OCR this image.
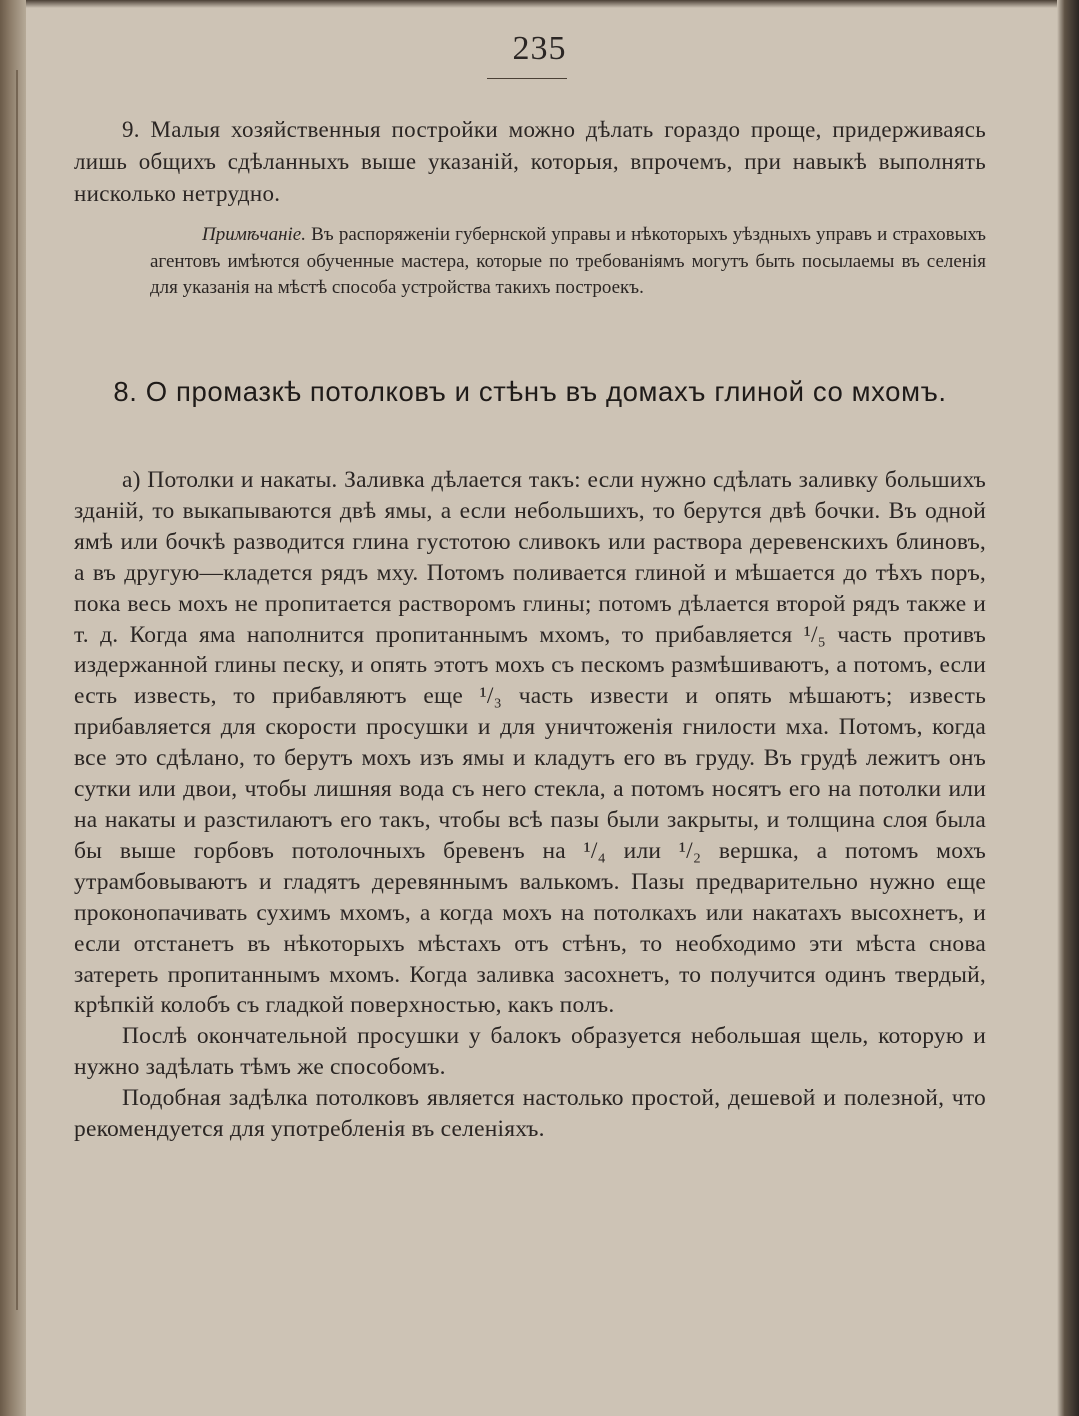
235
9. Малыя хозяйственныя постройки можно дѣлать гораздо проще, придерживаясь лишь общихъ сдѣланныхъ выше указаній, которыя, впрочемъ, при навыкѣ выполнять нисколько нетрудно.
Примѣчаніе. Въ распоряженіи губернской управы и нѣкоторыхъ уѣздныхъ управъ и страховыхъ агентовъ имѣются обученные мастера, которые по требованіямъ могутъ быть посылаемы въ селенія для указанія на мѣстѣ способа устройства такихъ построекъ.
8. О промазкѣ потолковъ и стѣнъ въ домахъ глиной со мхомъ.

а) Потолки и накаты. Заливка дѣлается такъ: если нужно сдѣлать заливку большихъ зданій, то выкапываются двѣ ямы, а если небольшихъ, то берутся двѣ бочки. Въ одной ямѣ или бочкѣ разводится глина густотою сливокъ или раствора деревенскихъ блиновъ, а въ другую—кладется рядъ мху. Потомъ поливается глиной и мѣшается до тѣхъ поръ, пока весь мохъ не пропитается растворомъ глины; потомъ дѣлается второй рядъ также и т. д. Когда яма наполнится пропитаннымъ мхомъ, то прибавляется ¹/₅ часть противъ издержанной глины песку, и опять этотъ мохъ съ пескомъ размѣшиваютъ, а потомъ, если есть известь, то прибавляютъ еще ¹/₃ часть извести и опять мѣшаютъ; известь прибавляется для скорости просушки и для уничтоженія гнилости мха. Потомъ, когда все это сдѣлано, то берутъ мохъ изъ ямы и кладутъ его въ груду. Въ грудѣ лежитъ онъ сутки или двои, чтобы лишняя вода съ него стекла, а потомъ носятъ его на потолки или на накаты и разстилаютъ его такъ, чтобы всѣ пазы были закрыты, и толщина слоя была бы выше горбовъ потолочныхъ бревенъ на ¹/₄ или ¹/₂ вершка, а потомъ мохъ утрамбовываютъ и гладятъ деревяннымъ валькомъ. Пазы предварительно нужно еще проконопачивать сухимъ мхомъ, а когда мохъ на потолкахъ или накатахъ высохнетъ, и если отстанетъ въ нѣкоторыхъ мѣстахъ отъ стѣнъ, то необходимо эти мѣста снова затереть пропитаннымъ мхомъ. Когда заливка засохнетъ, то получится одинъ твердый, крѣпкій колобъ съ гладкой поверхностью, какъ полъ.

Послѣ окончательной просушки у балокъ образуется небольшая щель, которую и нужно задѣлать тѣмъ же способомъ.

Подобная задѣлка потолковъ является настолько простой, дешевой и полезной, что рекомендуется для употребленія въ селеніяхъ.
